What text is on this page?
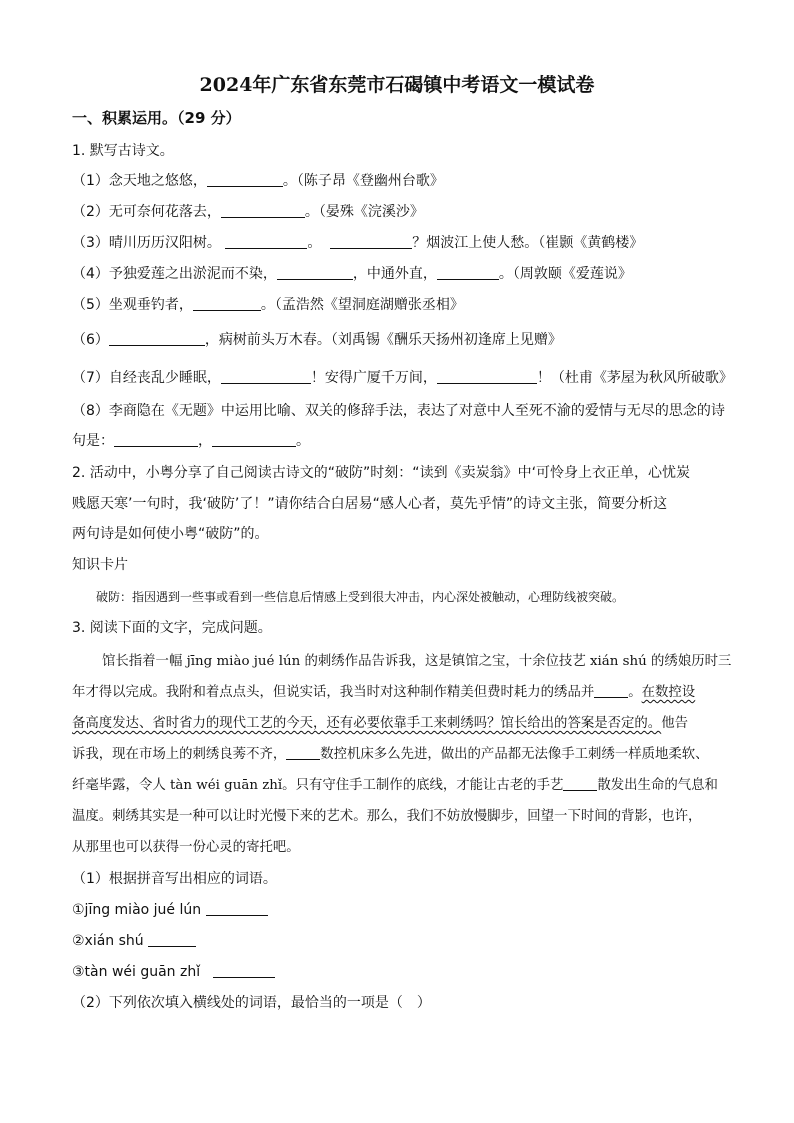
2024年广东省东莞市石碣镇中考语文一模试卷
一、积累运用。（29 分）
1. 默写古诗文。
（1）念天地之悠悠，	。（陈子昂《登幽州台歌》
（2）无可奈何花落去，	。（晏殊《浣溪沙》
（3）晴川历历汉阳树。	。	？烟波江上使人愁。（崔颢《黄鹤楼》
（4）予独爱莲之出淤泥而不染，	，中通外直，	。（周敦颐《爱莲说》
（5）坐观垂钓者，	。（孟浩然《望洞庭湖赠张丞相》
（6）	，病树前头万木春。（刘禹锡《酬乐天扬州初逢席上见赠》
（7）自经丧乱少睡眠，	！安得广厦千万间，	！（杜甫《茅屋为秋风所破歌》
（8）李商隐在《无题》中运用比喻、双关的修辞手法，表达了对意中人至死不渝的爱情与无尽的思念的诗
句是：	，	。
2. 活动中，小粤分享了自己阅读古诗文的“破防”时刻：“读到《卖炭翁》中‘可怜身上衣正单，心忧炭
贱愿天寒’一句时，我‘破防’了！”请你结合白居易“感人心者，莫先乎情”的诗文主张，简要分析这
两句诗是如何使小粤“破防”的。
知识卡片
破防：指因遇到一些事或看到一些信息后情感上受到很大冲击，内心深处被触动，心理防线被突破。
3. 阅读下面的文字，完成问题。
馆长指着一幅 jīng miào jué lún 的刺绣作品告诉我，这是镇馆之宝，十余位技艺 xián shú 的绣娘历时三
年才得以完成。我附和着点点头，但说实话，我当时对这种制作精美但费时耗力的绣品并	。在数控设
备高度发达、省时省力的现代工艺的今天，还有必要依靠手工来刺绣吗？馆长给出的答案是否定的。他告
诉我，现在市场上的刺绣良莠不齐，	数控机床多么先进，做出的产品都无法像手工刺绣一样质地柔软、
纤毫毕露，令人 tàn wéi guān zhǐ。只有守住手工制作的底线，才能让古老的手艺	散发出生命的气息和
温度。刺绣其实是一种可以让时光慢下来的艺术。那么，我们不妨放慢脚步，回望一下时间的背影，也许，
从那里也可以获得一份心灵的寄托吧。
（1）根据拼音写出相应的词语。
①jīng miào jué lún
②xián shú
③tàn wéi guān zhǐ
（2）下列依次填入横线处的词语，最恰当的一项是（　）
